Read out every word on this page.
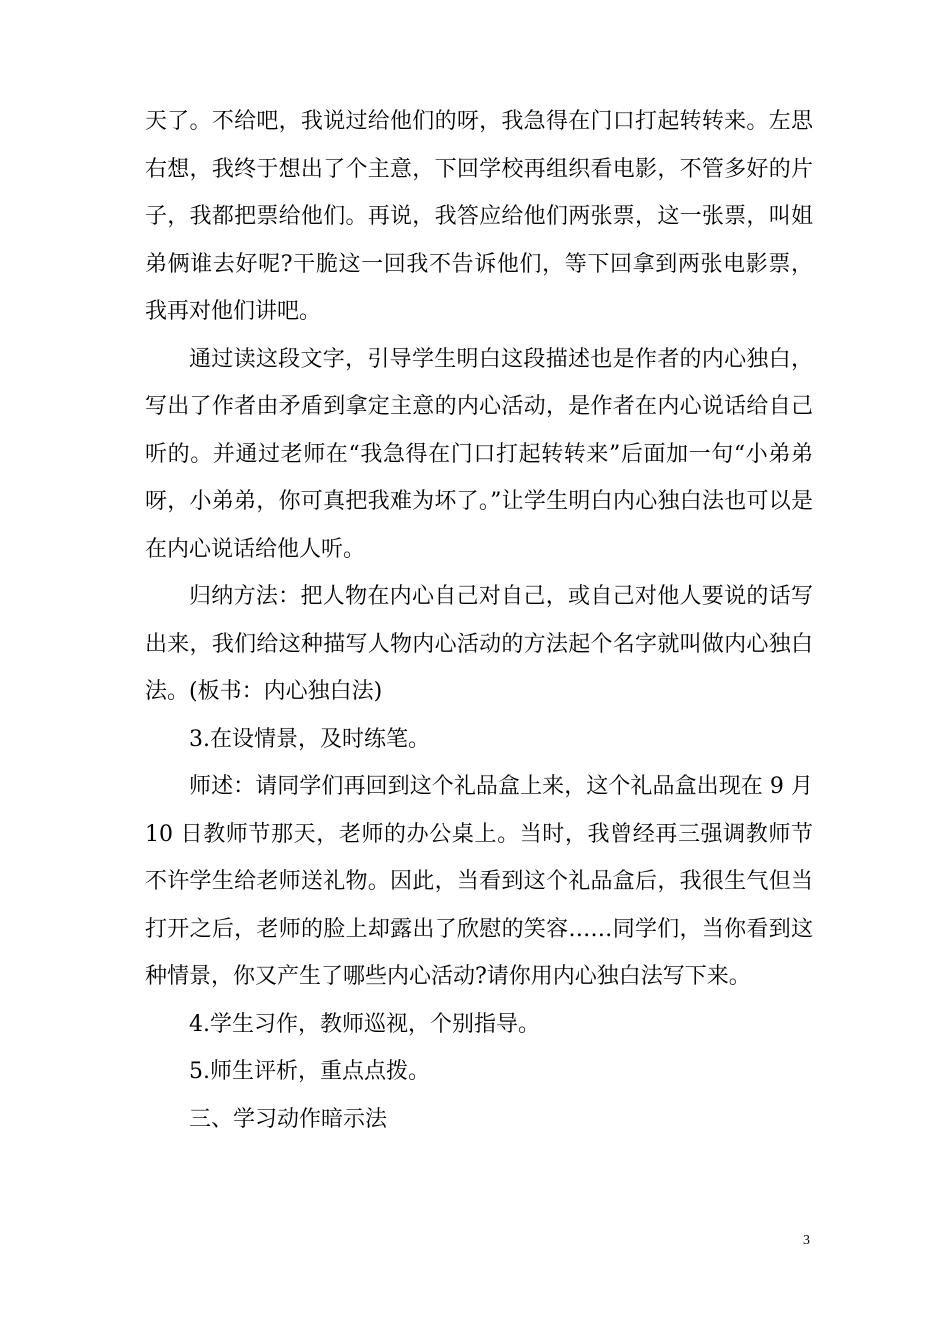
天了。不给吧，我说过给他们的呀，我急得在门口打起转转来。左思右想，我终于想出了个主意，下回学校再组织看电影，不管多好的片子，我都把票给他们。再说，我答应给他们两张票，这一张票，叫姐弟俩谁去好呢?干脆这一回我不告诉他们，等下回拿到两张电影票，我再对他们讲吧。

通过读这段文字，引导学生明白这段描述也是作者的内心独白，写出了作者由矛盾到拿定主意的内心活动，是作者在内心说话给自己听的。并通过老师在“我急得在门口打起转转来”后面加一句“小弟弟呀，小弟弟，你可真把我难为坏了。”让学生明白内心独白法也可以是在内心说话给他人听。

归纳方法：把人物在内心自己对自己，或自己对他人要说的话写出来，我们给这种描写人物内心活动的方法起个名字就叫做内心独白法。(板书：内心独白法)

3.在设情景，及时练笔。

师述：请同学们再回到这个礼品盒上来，这个礼品盒出现在 9 月 10 日教师节那天，老师的办公桌上。当时，我曾经再三强调教师节不许学生给老师送礼物。因此，当看到这个礼品盒后，我很生气但当打开之后，老师的脸上却露出了欣慰的笑容……同学们，当你看到这种情景，你又产生了哪些内心活动?请你用内心独白法写下来。

4.学生习作，教师巡视，个别指导。

5.师生评析，重点点拨。

三、学习动作暗示法

3
